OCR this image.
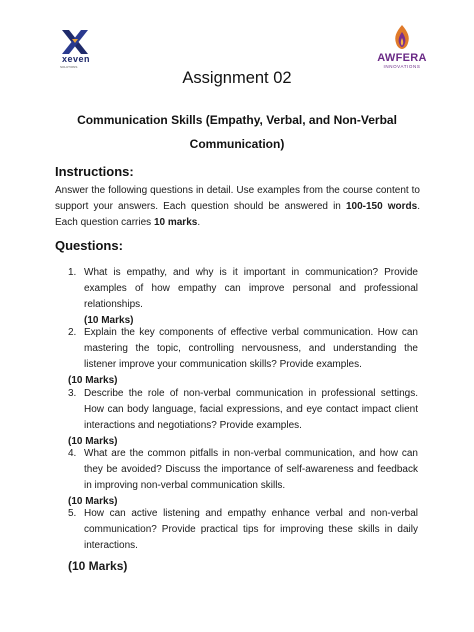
xeven
SOLUTIONS
AWFERA
INNOVATIONS
Assignment 02
Communication Skills (Empathy, Verbal, and Non-Verbal Communication)
Instructions:
Answer the following questions in detail. Use examples from the course content to support your answers. Each question should be answered in 100-150 words. Each question carries 10 marks.
Questions:
1. What is empathy, and why is it important in communication? Provide examples of how empathy can improve personal and professional relationships.
(10 Marks)
2. Explain the key components of effective verbal communication. How can mastering the topic, controlling nervousness, and understanding the listener improve your communication skills? Provide examples.
(10 Marks)
3. Describe the role of non-verbal communication in professional settings. How can body language, facial expressions, and eye contact impact client interactions and negotiations? Provide examples.
(10 Marks)
4. What are the common pitfalls in non-verbal communication, and how can they be avoided? Discuss the importance of self-awareness and feedback in improving non-verbal communication skills.
(10 Marks)
5. How can active listening and empathy enhance verbal and non-verbal communication? Provide practical tips for improving these skills in daily interactions.
(10 Marks)
